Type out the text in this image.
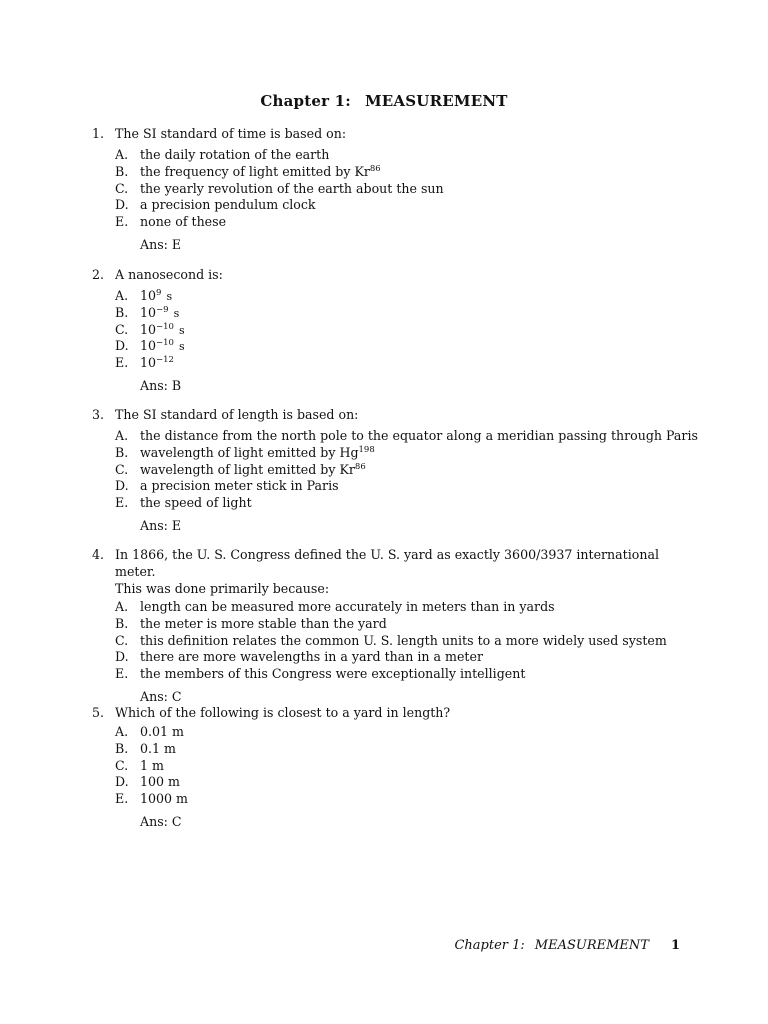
Chapter 1: MEASUREMENT
1. The SI standard of time is based on:
A. the daily rotation of the earth
B. the frequency of light emitted by Kr$^{86}$
C. the yearly revolution of the earth about the sun
D. a precision pendulum clock
E. none of these
Ans: E
2. A nanosecond is:
A. $10^9$ s
B. $10^{-9}$ s
C. $10^{-10}$ s
D. $10^{-10}$ s
E. $10^{-12}$
Ans: B
3. The SI standard of length is based on:
A. the distance from the north pole to the equator along a meridian passing through Paris
B. wavelength of light emitted by Hg$^{198}$
C. wavelength of light emitted by Kr$^{86}$
D. a precision meter stick in Paris
E. the speed of light
Ans: E
4. In 1866, the U. S. Congress defined the U. S. yard as exactly 3600/3937 international meter.
This was done primarily because:
A. length can be measured more accurately in meters than in yards
B. the meter is more stable than the yard
C. this definition relates the common U. S. length units to a more widely used system
D. there are more wavelengths in a yard than in a meter
E. the members of this Congress were exceptionally intelligent
Ans: C
5. Which of the following is closest to a yard in length?
A. 0.01 m
B. 0.1 m
C. 1 m
D. 100 m
E. 1000 m
Ans: C
Chapter 1: MEASUREMENT 1
